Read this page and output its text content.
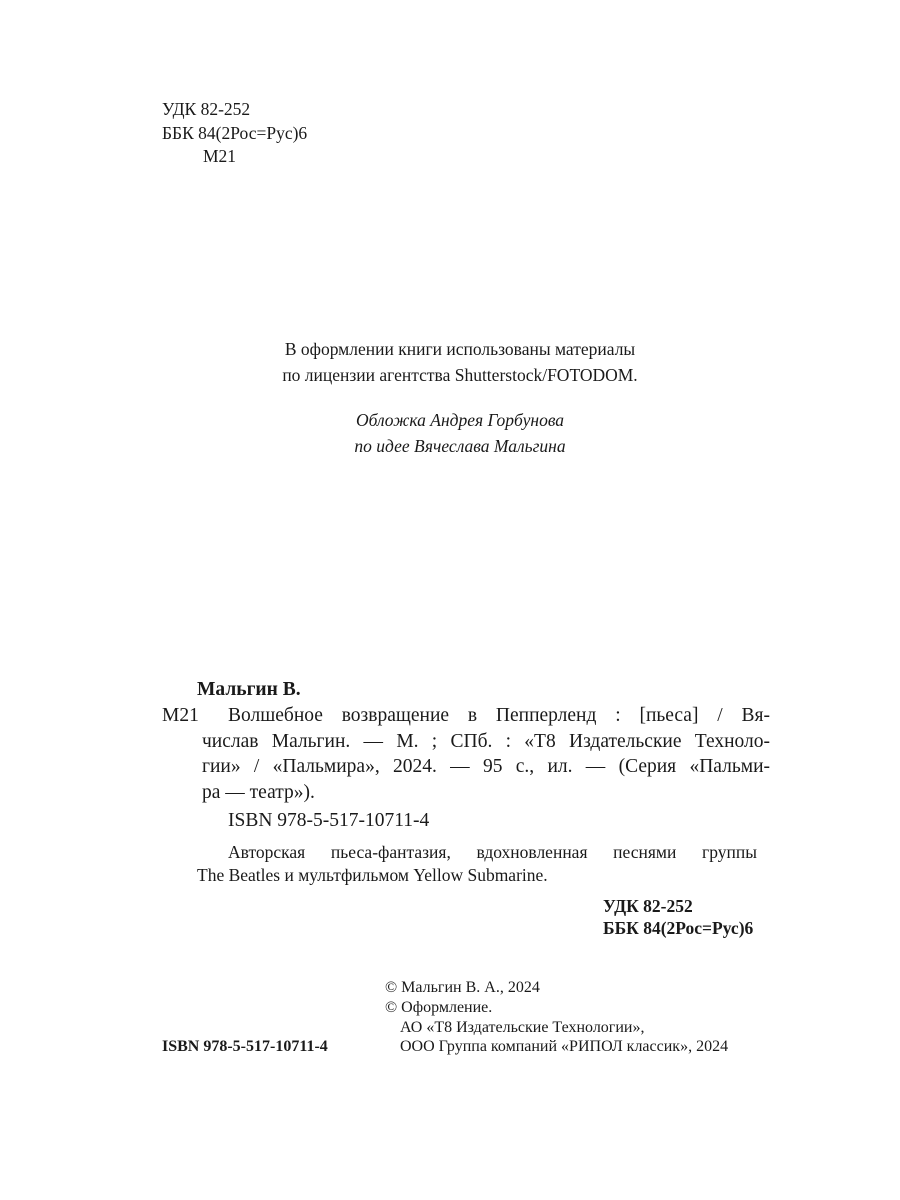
УДК 82-252
ББК 84(2Рос=Рус)6
М21
В оформлении книги использованы материалы
по лицензии агентства Shutterstock/FOTODOM.
Обложка Андрея Горбунова
по идее Вячеслава Мальгина
Мальгин В.
М21 Волшебное возвращение в Пепперленд : [пьеса] / Вя-
числав Мальгин. — М. ; СПб. : «Т8 Издательские Техноло-
гии» / «Пальмира», 2024. — 95 с., ил. — (Серия «Пальми-
ра — театр»).
ISBN 978-5-517-10711-4
Авторская пьеса-фантазия, вдохновленная песнями группы
The Beatles и мультфильмом Yellow Submarine.
УДК 82-252
ББК 84(2Рос=Рус)6
© Мальгин В. А., 2024
© Оформление.
АО «Т8 Издательские Технологии»,
ООО Группа компаний «РИПОЛ классик», 2024
ISBN 978-5-517-10711-4
